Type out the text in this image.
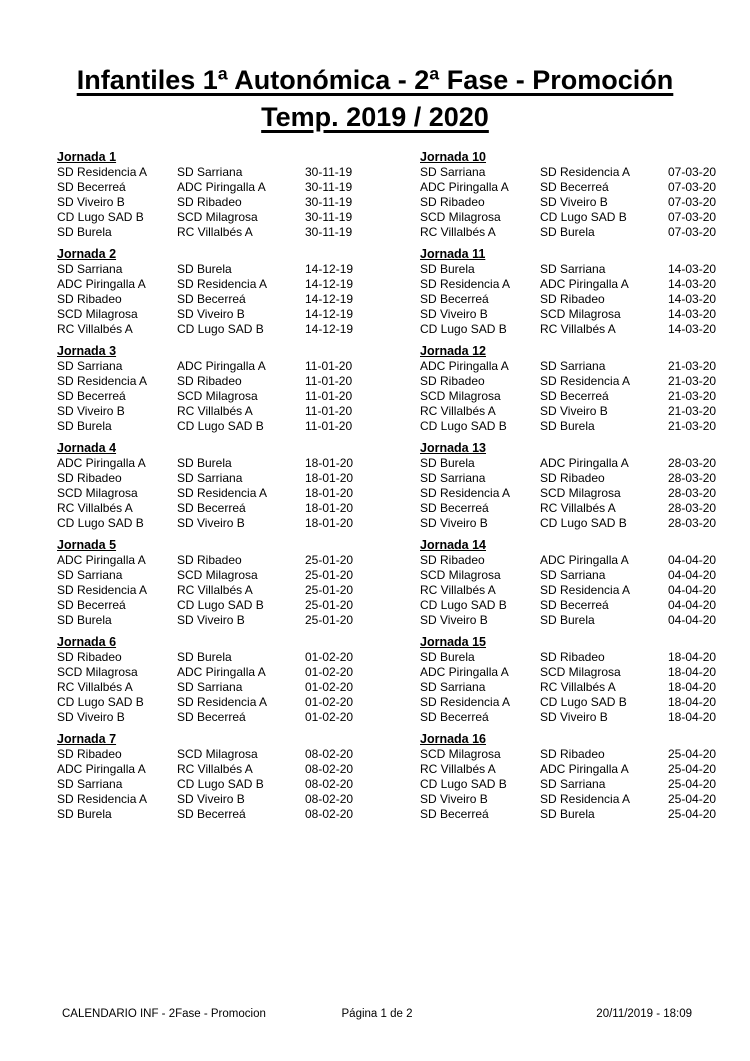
Infantiles 1ª Autonómica - 2ª Fase - Promoción
Temp. 2019 / 2020
Jornada 1
SD Residencia A	SD Sarriana	30-11-19
SD Becerreá	ADC Piringalla A	30-11-19
SD Viveiro B	SD Ribadeo	30-11-19
CD Lugo SAD B	SCD Milagrosa	30-11-19
SD Burela	RC Villalbés A	30-11-19
Jornada 2
SD Sarriana	SD Burela	14-12-19
ADC Piringalla A	SD Residencia A	14-12-19
SD Ribadeo	SD Becerreá	14-12-19
SCD Milagrosa	SD Viveiro B	14-12-19
RC Villalbés A	CD Lugo SAD B	14-12-19
Jornada 3
SD Sarriana	ADC Piringalla A	11-01-20
SD Residencia A	SD Ribadeo	11-01-20
SD Becerreá	SCD Milagrosa	11-01-20
SD Viveiro B	RC Villalbés A	11-01-20
SD Burela	CD Lugo SAD B	11-01-20
Jornada 4
ADC Piringalla A	SD Burela	18-01-20
SD Ribadeo	SD Sarriana	18-01-20
SCD Milagrosa	SD Residencia A	18-01-20
RC Villalbés A	SD Becerreá	18-01-20
CD Lugo SAD B	SD Viveiro B	18-01-20
Jornada 5
ADC Piringalla A	SD Ribadeo	25-01-20
SD Sarriana	SCD Milagrosa	25-01-20
SD Residencia A	RC Villalbés A	25-01-20
SD Becerreá	CD Lugo SAD B	25-01-20
SD Burela	SD Viveiro B	25-01-20
Jornada 6
SD Ribadeo	SD Burela	01-02-20
SCD Milagrosa	ADC Piringalla A	01-02-20
RC Villalbés A	SD Sarriana	01-02-20
CD Lugo SAD B	SD Residencia A	01-02-20
SD Viveiro B	SD Becerreá	01-02-20
Jornada 7
SD Ribadeo	SCD Milagrosa	08-02-20
ADC Piringalla A	RC Villalbés A	08-02-20
SD Sarriana	CD Lugo SAD B	08-02-20
SD Residencia A	SD Viveiro B	08-02-20
SD Burela	SD Becerreá	08-02-20
Jornada 10
SD Sarriana	SD Residencia A	07-03-20
ADC Piringalla A	SD Becerreá	07-03-20
SD Ribadeo	SD Viveiro B	07-03-20
SCD Milagrosa	CD Lugo SAD B	07-03-20
RC Villalbés A	SD Burela	07-03-20
Jornada 11
SD Burela	SD Sarriana	14-03-20
SD Residencia A	ADC Piringalla A	14-03-20
SD Becerreá	SD Ribadeo	14-03-20
SD Viveiro B	SCD Milagrosa	14-03-20
CD Lugo SAD B	RC Villalbés A	14-03-20
Jornada 12
ADC Piringalla A	SD Sarriana	21-03-20
SD Ribadeo	SD Residencia A	21-03-20
SCD Milagrosa	SD Becerreá	21-03-20
RC Villalbés A	SD Viveiro B	21-03-20
CD Lugo SAD B	SD Burela	21-03-20
Jornada 13
SD Burela	ADC Piringalla A	28-03-20
SD Sarriana	SD Ribadeo	28-03-20
SD Residencia A	SCD Milagrosa	28-03-20
SD Becerreá	RC Villalbés A	28-03-20
SD Viveiro B	CD Lugo SAD B	28-03-20
Jornada 14
SD Ribadeo	ADC Piringalla A	04-04-20
SCD Milagrosa	SD Sarriana	04-04-20
RC Villalbés A	SD Residencia A	04-04-20
CD Lugo SAD B	SD Becerreá	04-04-20
SD Viveiro B	SD Burela	04-04-20
Jornada 15
SD Burela	SD Ribadeo	18-04-20
ADC Piringalla A	SCD Milagrosa	18-04-20
SD Sarriana	RC Villalbés A	18-04-20
SD Residencia A	CD Lugo SAD B	18-04-20
SD Becerreá	SD Viveiro B	18-04-20
Jornada 16
SCD Milagrosa	SD Ribadeo	25-04-20
RC Villalbés A	ADC Piringalla A	25-04-20
CD Lugo SAD B	SD Sarriana	25-04-20
SD Viveiro B	SD Residencia A	25-04-20
SD Becerreá	SD Burela	25-04-20
CALENDARIO INF - 2Fase - Promocion	Página 1 de 2	20/11/2019 - 18:09
